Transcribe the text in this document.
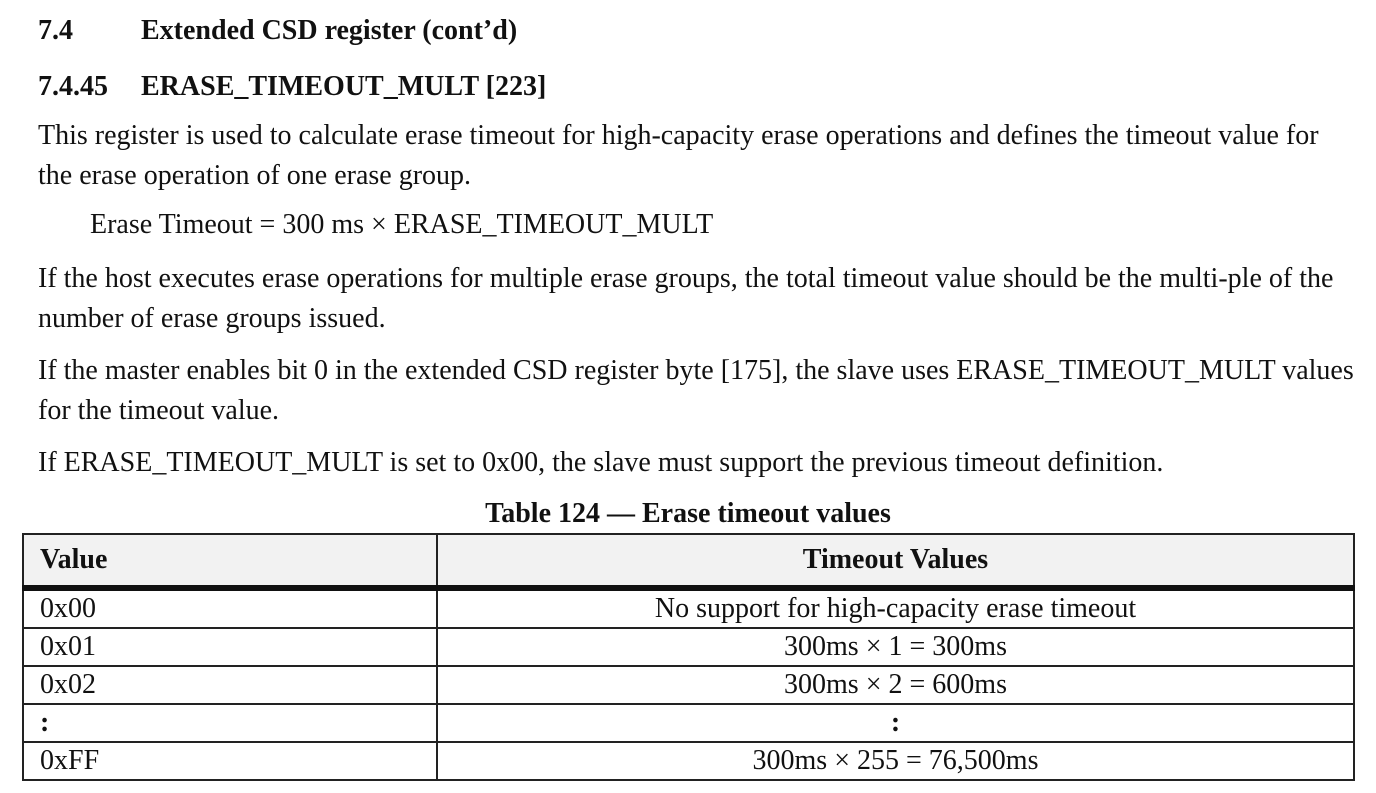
7.4 Extended CSD register (cont’d)
7.4.45 ERASE_TIMEOUT_MULT [223]

This register is used to calculate erase timeout for high-capacity erase operations and defines the timeout value for the erase operation of one erase group.

Erase Timeout = 300 ms × ERASE_TIMEOUT_MULT

If the host executes erase operations for multiple erase groups, the total timeout value should be the multi-ple of the number of erase groups issued.

If the master enables bit 0 in the extended CSD register byte [175], the slave uses ERASE_TIMEOUT_MULT values for the timeout value.

If ERASE_TIMEOUT_MULT is set to 0x00, the slave must support the previous timeout definition.

Table 124 — Erase timeout values
Value	Timeout Values
0x00	No support for high-capacity erase timeout
0x01	300ms × 1 = 300ms
0x02	300ms × 2 = 600ms
:	:
0xFF	300ms × 255 = 76,500ms
